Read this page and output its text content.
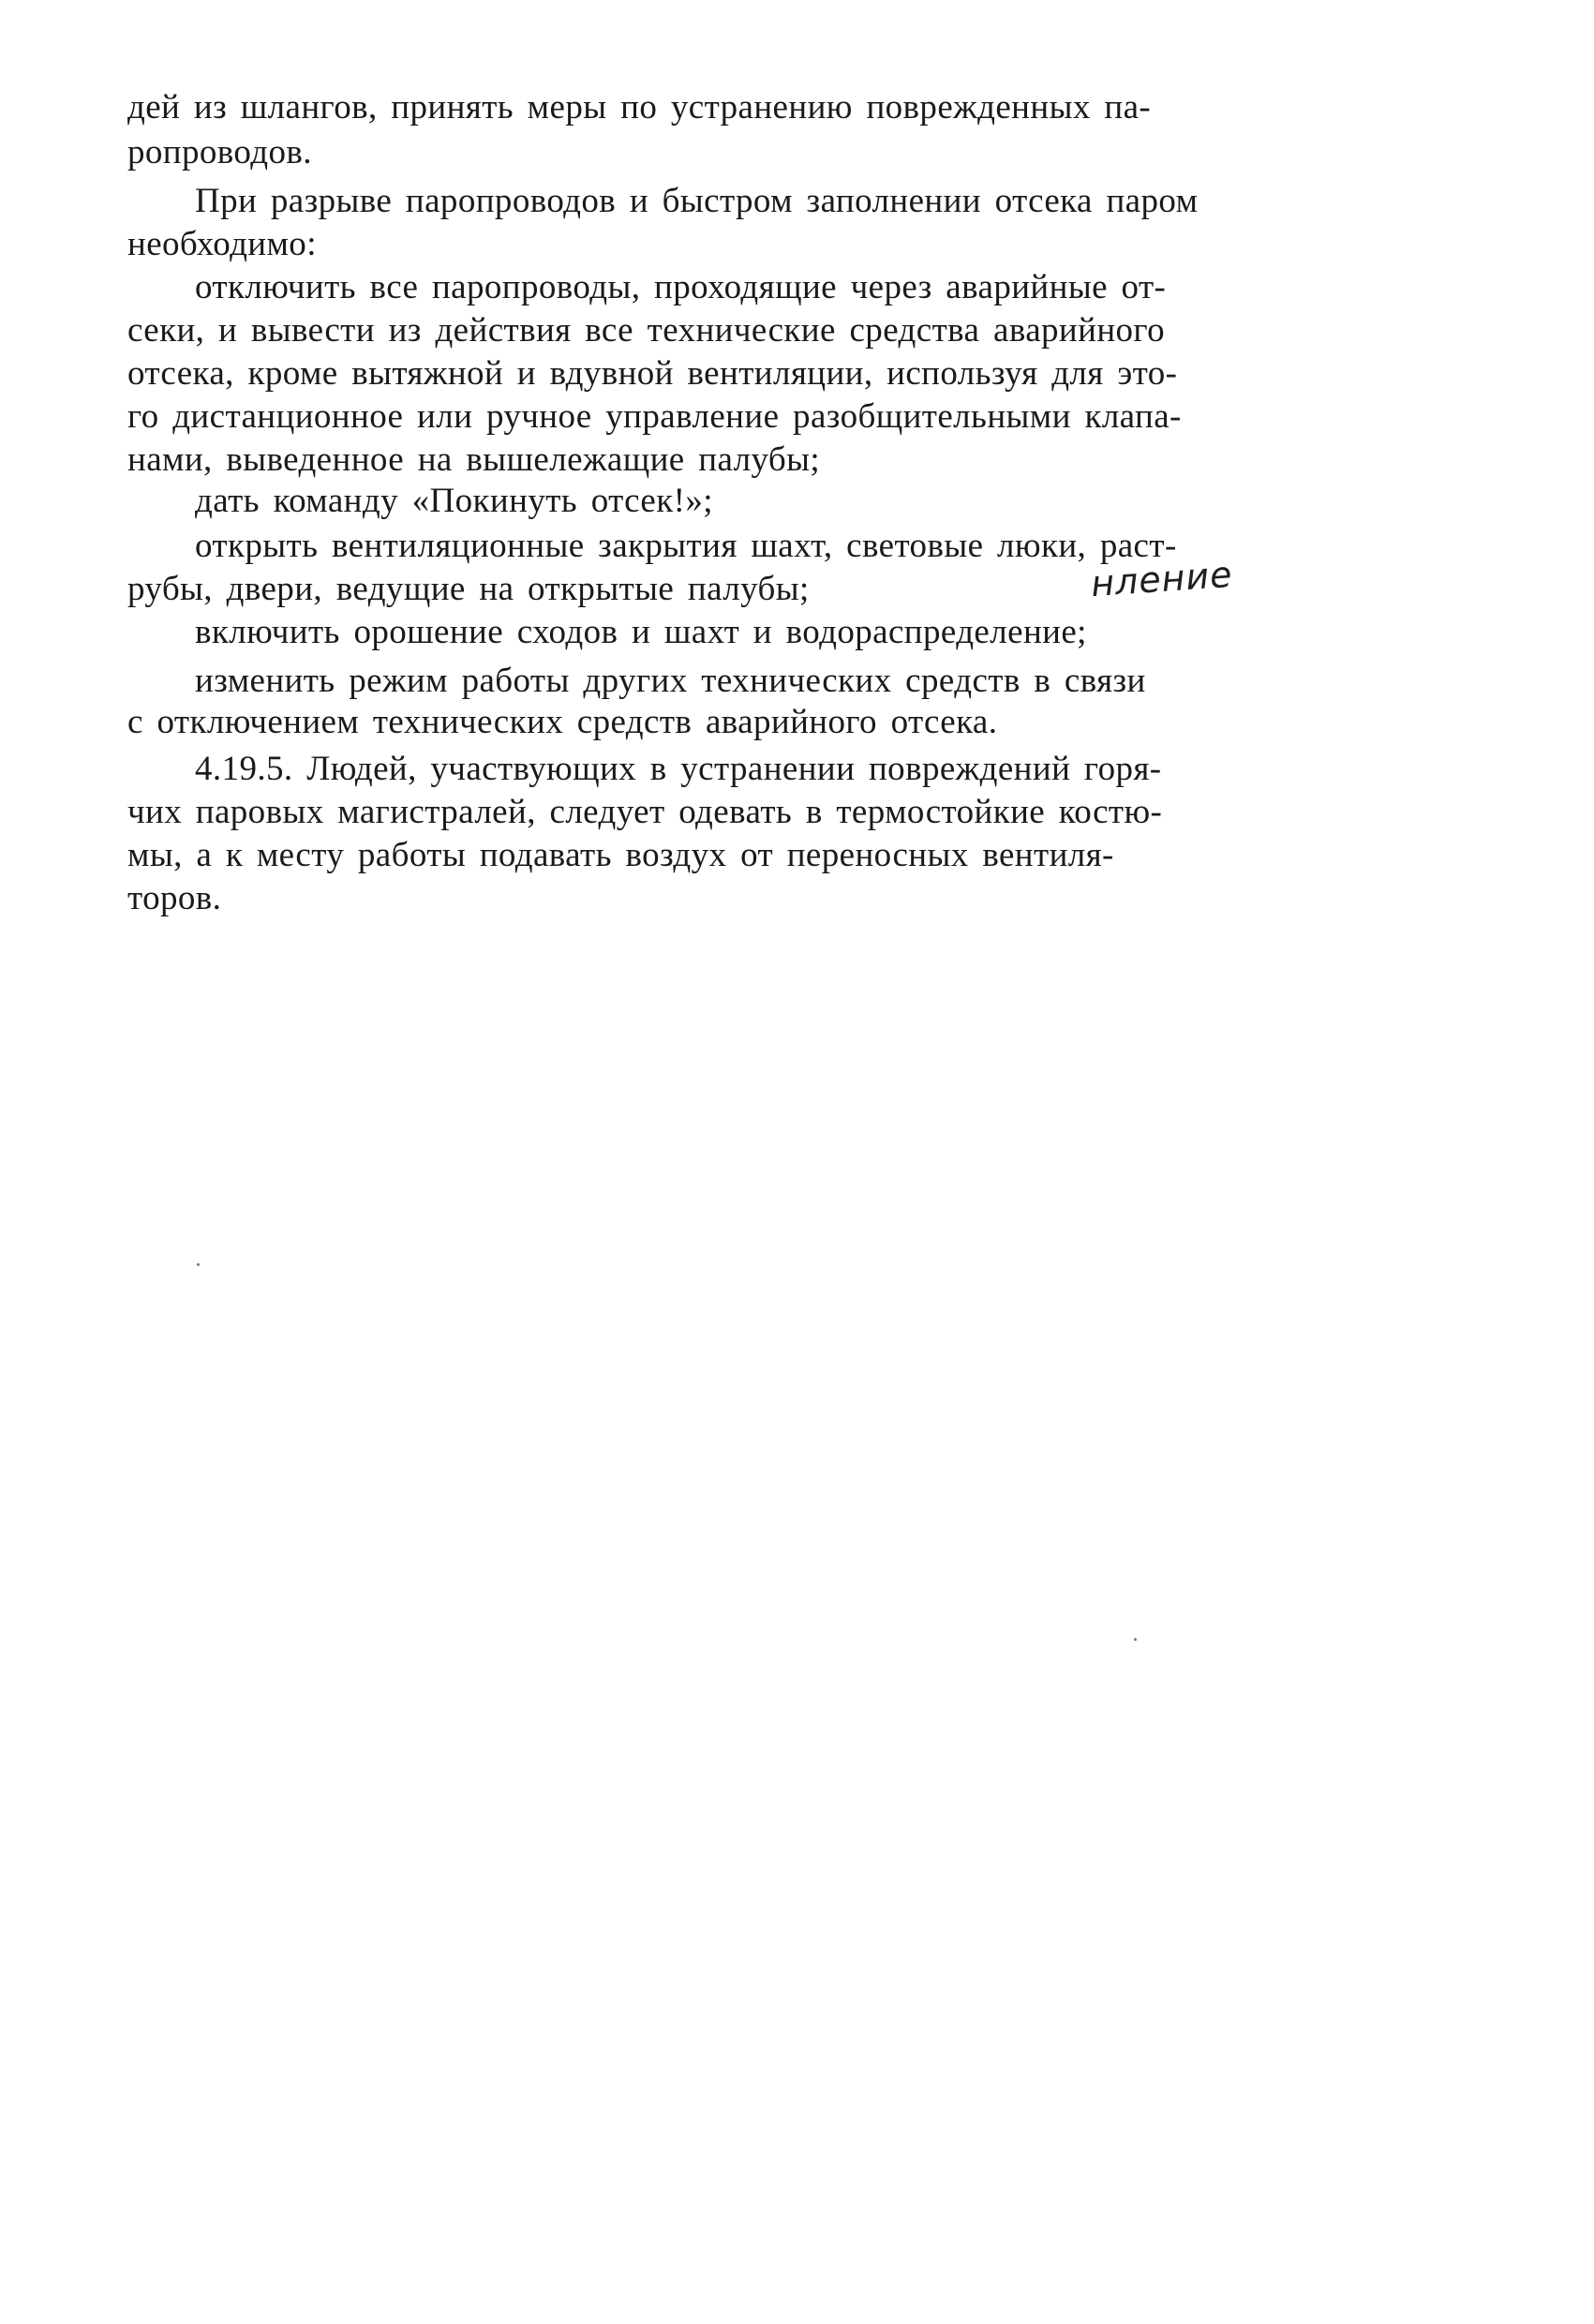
дей из шлангов, принять меры по устранению поврежденных па-
ропроводов.
При разрыве паропроводов и быстром заполнении отсека паром
необходимо:
отключить все паропроводы, проходящие через аварийные от-
секи, и вывести из действия все технические средства аварийного
отсека, кроме вытяжной и вдувной вентиляции, используя для это-
го дистанционное или ручное управление разобщительными клапа-
нами, выведенное на вышележащие палубы;
дать команду «Покинуть отсек!»;
открыть вентиляционные закрытия шахт, световые люки, раст-
рубы, двери, ведущие на открытые палубы;
включить орошение сходов и шахт и водораспределение;
изменить режим работы других технических средств в связи
с отключением технических средств аварийного отсека.
4.19.5. Людей, участвующих в устранении повреждений горя-
чих паровых магистралей, следует одевать в термостойкие костю-
мы, а к месту работы подавать воздух от переносных вентиля-
торов.
нление
